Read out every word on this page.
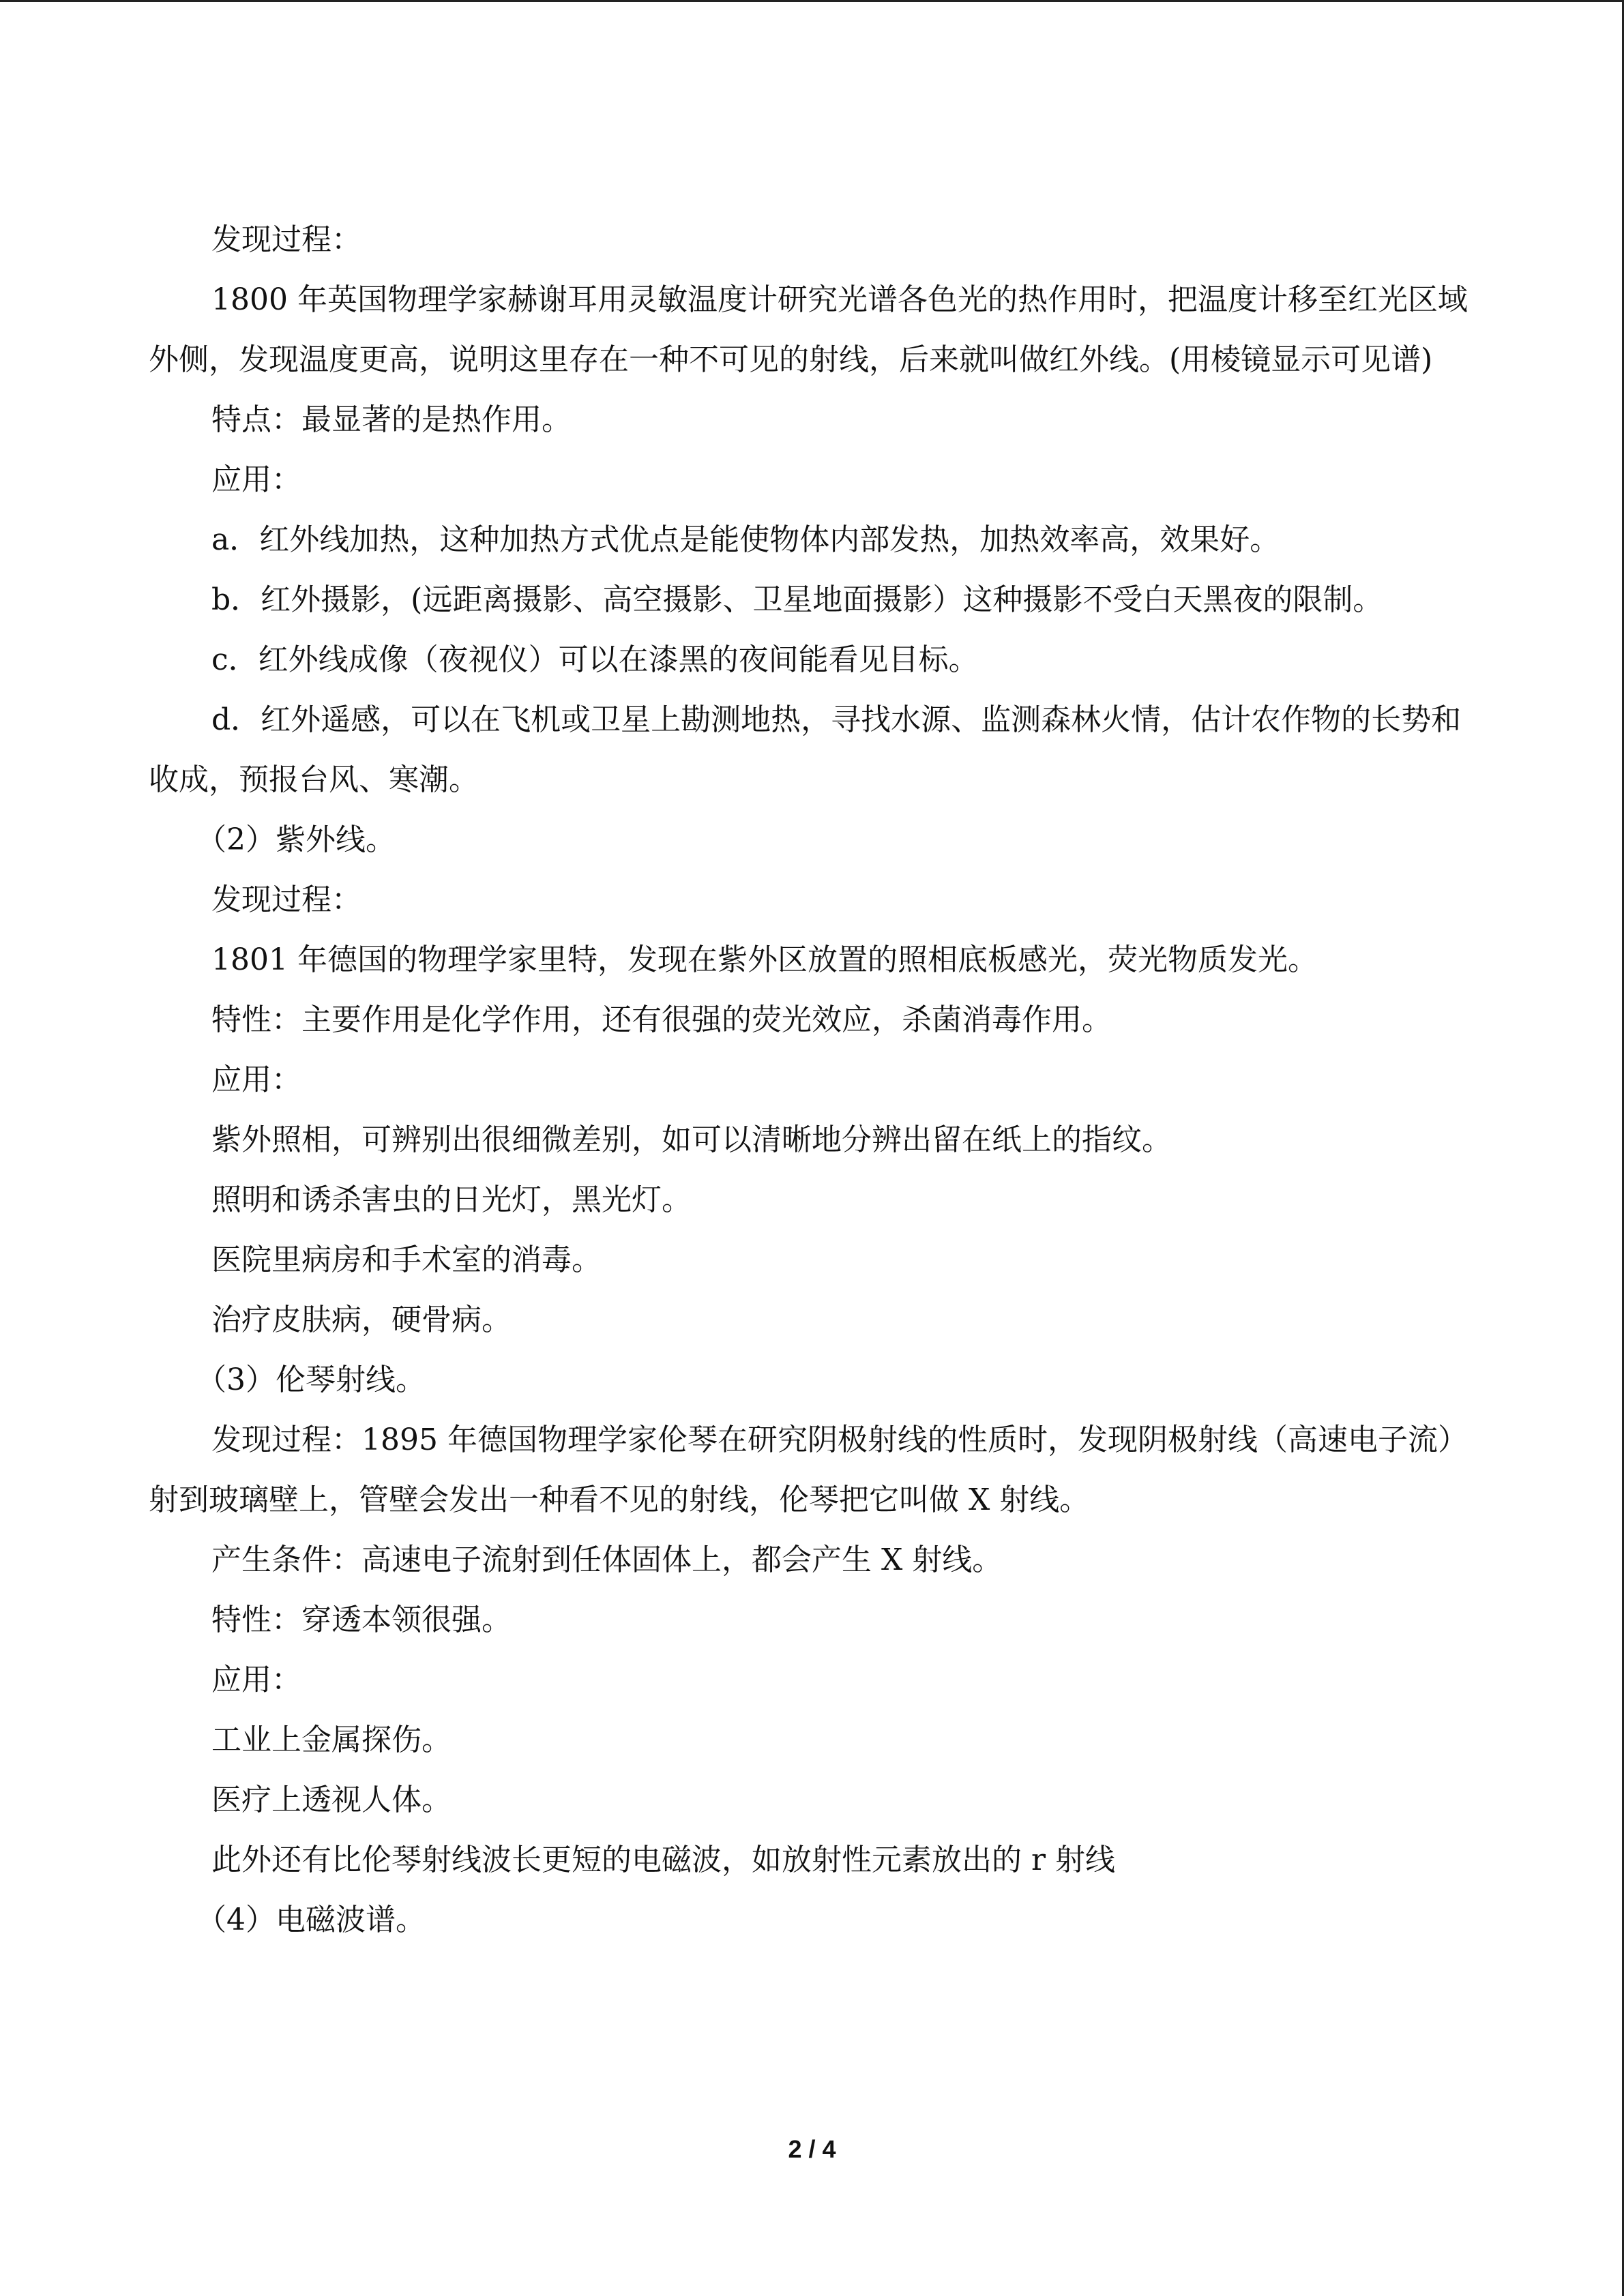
发现过程：

1800 年英国物理学家赫谢耳用灵敏温度计研究光谱各色光的热作用时，把温度计移至红光区域外侧，发现温度更高，说明这里存在一种不可见的射线，后来就叫做红外线。(用棱镜显示可见谱)

特点：最显著的是热作用。

应用：

a．红外线加热，这种加热方式优点是能使物体内部发热，加热效率高，效果好。

b．红外摄影，(远距离摄影、高空摄影、卫星地面摄影）这种摄影不受白天黑夜的限制。

c．红外线成像（夜视仪）可以在漆黑的夜间能看见目标。

d．红外遥感，可以在飞机或卫星上勘测地热，寻找水源、监测森林火情，估计农作物的长势和收成，预报台风、寒潮。

（2）紫外线。

发现过程：

1801 年德国的物理学家里特，发现在紫外区放置的照相底板感光，荧光物质发光。

特性：主要作用是化学作用，还有很强的荧光效应，杀菌消毒作用。

应用：

紫外照相，可辨别出很细微差别，如可以清晰地分辨出留在纸上的指纹。

照明和诱杀害虫的日光灯，黑光灯。

医院里病房和手术室的消毒。

治疗皮肤病，硬骨病。

（3）伦琴射线。

发现过程：1895 年德国物理学家伦琴在研究阴极射线的性质时，发现阴极射线（高速电子流）射到玻璃壁上，管壁会发出一种看不见的射线，伦琴把它叫做 X 射线。

产生条件：高速电子流射到任体固体上，都会产生 X 射线。

特性：穿透本领很强。

应用：

工业上金属探伤。

医疗上透视人体。

此外还有比伦琴射线波长更短的电磁波，如放射性元素放出的 r 射线

（4）电磁波谱。

2 / 4
